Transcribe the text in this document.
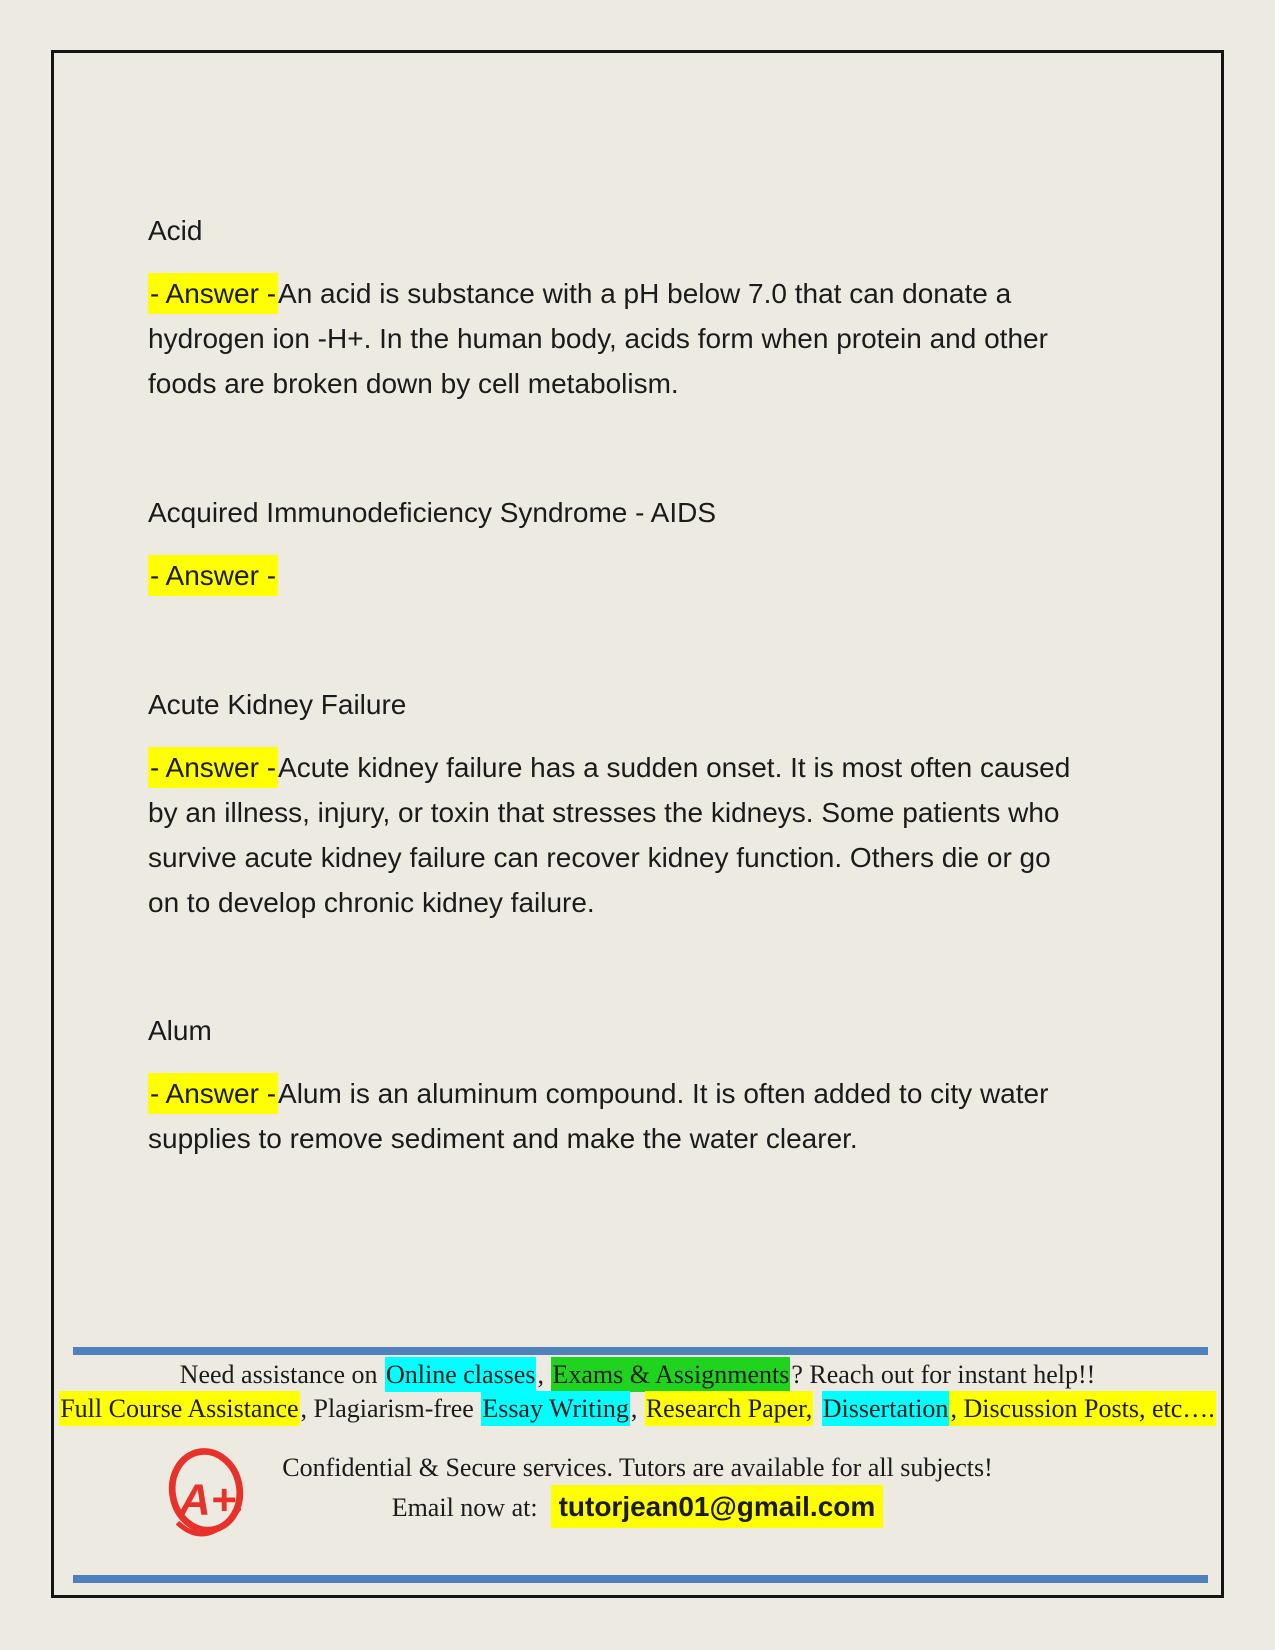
Acid
- Answer -An acid is substance with a pH below 7.0 that can donate a hydrogen ion -H+. In the human body, acids form when protein and other foods are broken down by cell metabolism.
Acquired Immunodeficiency Syndrome - AIDS
- Answer -
Acute Kidney Failure
- Answer -Acute kidney failure has a sudden onset. It is most often caused by an illness, injury, or toxin that stresses the kidneys. Some patients who survive acute kidney failure can recover kidney function. Others die or go on to develop chronic kidney failure.
Alum
- Answer -Alum is an aluminum compound. It is often added to city water supplies to remove sediment and make the water clearer.
Need assistance on Online classes, Exams & Assignments? Reach out for instant help!!
Full Course Assistance, Plagiarism-free Essay Writing, Research Paper, Dissertation, Discussion Posts, etc….
A+
Confidential & Secure services. Tutors are available for all subjects!
Email now at: tutorjean01@gmail.com
